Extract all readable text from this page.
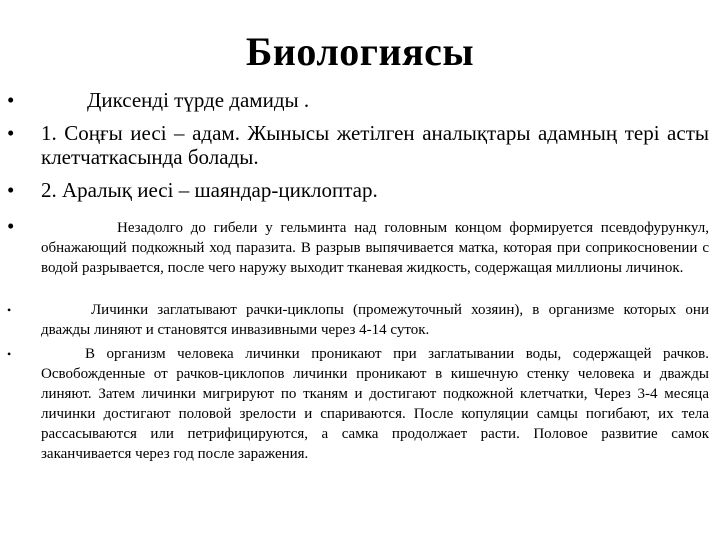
Биологиясы
•	Диксенді түрде дамиды .
• 1. Соңғы иесі – адам. Жынысы жетілген аналықтары адамның тері асты клетчаткасында болады.
• 2. Аралық иесі – шаяндар-циклоптар.
•	Незадолго до гибели у гельминта над головным концом формируется псевдофурункул, обнажающий подкожный ход паразита. В разрыв выпячивается матка, которая при соприкосновении с водой разрывается, после чего наружу выходит тканевая жидкость, содержащая миллионы личинок.
•	Личинки заглатывают рачки-циклопы (промежуточный хозяин), в организме которых они дважды линяют и становятся инвазивными через 4-14 суток.
•	В организм человека личинки проникают при заглатывании воды, содержащей рачков. Освобожденные от рачков-циклопов личинки проникают в кишечную стенку человека и дважды линяют. Затем личинки мигрируют по тканям и достигают подкожной клетчатки, Через 3-4 месяца личинки достигают половой зрелости и спариваются. После копуляции самцы погибают, их тела рассасываются или петрифицируются, а самка продолжает расти. Половое развитие самок заканчивается через год после заражения.
